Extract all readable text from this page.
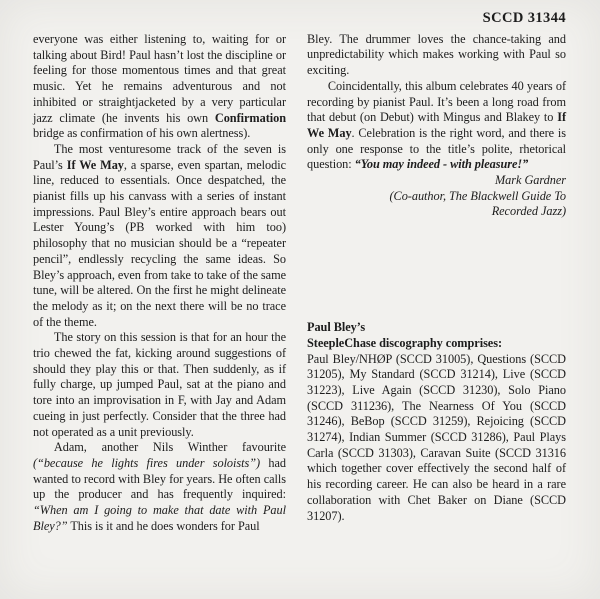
everyone was either listening to, waiting for or talking about Bird! Paul hasn’t lost the discipline or feeling for those momentous times and that great music. Yet he remains adventurous and not inhibited or straightjacketed by a very particular jazz climate (he invents his own Confirmation bridge as confirmation of his own alertness).

The most venturesome track of the seven is Paul’s If We May, a sparse, even spartan, melodic line, reduced to essentials. Once despatched, the pianist fills up his canvass with a series of instant impressions. Paul Bley’s entire approach bears out Lester Young’s (PB worked with him too) philosophy that no musician should be a “repeater pencil”, endlessly recycling the same ideas. So Bley’s approach, even from take to take of the same tune, will be altered. On the first he might delineate the melody as it; on the next there will be no trace of the theme.

The story on this session is that for an hour the trio chewed the fat, kicking around suggestions of should they play this or that. Then suddenly, as if fully charge, up jumped Paul, sat at the piano and tore into an improvisation in F, with Jay and Adam cueing in just perfectly. Consider that the three had not operated as a unit previously.

Adam, another Nils Winther favourite (“because he lights fires under soloists”) had wanted to record with Bley for years. He often calls up the producer and has frequently inquired: “When am I going to make that date with Paul Bley?” This is it and he does wonders for Paul

SCCD 31344

Bley. The drummer loves the chance-taking and unpredictability which makes working with Paul so exciting.

Coincidentally, this album celebrates 40 years of recording by pianist Paul. It’s been a long road from that debut (on Debut) with Mingus and Blakey to If We May. Celebration is the right word, and there is only one response to the title’s polite, rhetorical question: “You may indeed - with pleasure!”

Mark Gardner
(Co-author, The Blackwell Guide To
Recorded Jazz)
Paul Bley’s
SteepleChase discography comprises:

Paul Bley/NHØP (SCCD 31005), Questions (SCCD 31205), My Standard (SCCD 31214), Live (SCCD 31223), Live Again (SCCD 31230), Solo Piano (SCCD 311236), The Nearness Of You (SCCD 31246), BeBop (SCCD 31259), Rejoicing (SCCD 31274), Indian Summer (SCCD 31286), Paul Plays Carla (SCCD 31303), Caravan Suite (SCCD 31316 which together cover effectively the second half of his recording career. He can also be heard in a rare collaboration with Chet Baker on Diane (SCCD 31207).
